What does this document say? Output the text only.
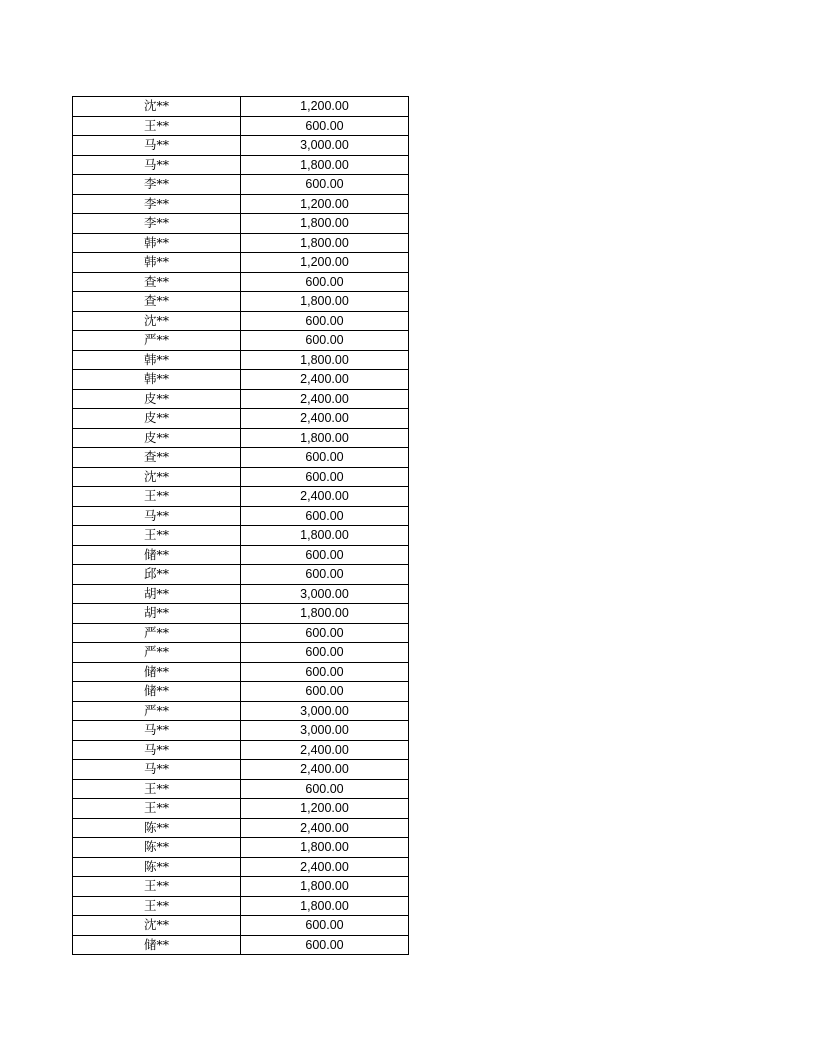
沈**	1,200.00
王**	600.00
马**	3,000.00
马**	1,800.00
李**	600.00
李**	1,200.00
李**	1,800.00
韩**	1,800.00
韩**	1,200.00
查**	600.00
查**	1,800.00
沈**	600.00
严**	600.00
韩**	1,800.00
韩**	2,400.00
皮**	2,400.00
皮**	2,400.00
皮**	1,800.00
查**	600.00
沈**	600.00
王**	2,400.00
马**	600.00
王**	1,800.00
储**	600.00
邱**	600.00
胡**	3,000.00
胡**	1,800.00
严**	600.00
严**	600.00
储**	600.00
储**	600.00
严**	3,000.00
马**	3,000.00
马**	2,400.00
马**	2,400.00
王**	600.00
王**	1,200.00
陈**	2,400.00
陈**	1,800.00
陈**	2,400.00
王**	1,800.00
王**	1,800.00
沈**	600.00
储**	600.00
